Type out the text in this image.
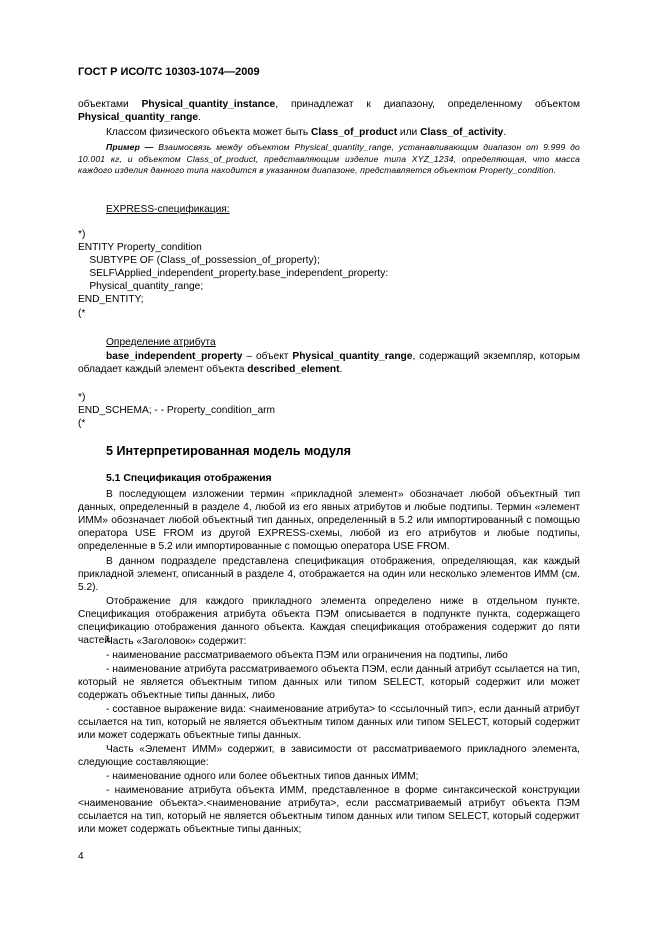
ГОСТ Р ИСО/ТС 10303-1074—2009

объектами Physical_quantity_instance, принадлежат к диапазону, определенному объектом Physical_quantity_range.

Классом физического объекта может быть Class_of_product или Class_of_activity.

Пример — Взаимосвязь между объектом Physical_quantity_range, устанавливающим диапазон от 9.999 до 10.001 кг, и объектом Class_of_product, представляющим изделие типа XYZ_1234, определяющая, что масса каждого изделия данного типа находится в указанном диапазоне, представляется объектом Property_condition.

EXPRESS-спецификация:

*)
ENTITY Property_condition
SUBTYPE OF (Class_of_possession_of_property);
SELF\Applied_independent_property.base_independent_property:
Physical_quantity_range;
END_ENTITY;
(*

Определение атрибута

base_independent_property – объект Physical_quantity_range, содержащий экземпляр, которым обладает каждый элемент объекта described_element.

*)
END_SCHEMA; - - Property_condition_arm
(*
5 Интерпретированная модель модуля
5.1 Спецификация отображения

В последующем изложении термин «прикладной элемент» обозначает любой объектный тип данных, определенный в разделе 4, любой из его явных атрибутов и любые подтипы. Термин «элемент ИММ» обозначает любой объектный тип данных, определенный в 5.2 или импортированный с помощью оператора USE FROM из другой EXPRESS-схемы, любой из его атрибутов и любые подтипы, определенные в 5.2 или импортированные с помощью оператора USE FROM.

В данном подразделе представлена спецификация отображения, определяющая, как каждый прикладной элемент, описанный в разделе 4, отображается на один или несколько элементов ИММ (см. 5.2).

Отображение для каждого прикладного элемента определено ниже в отдельном пункте. Спецификация отображения атрибута объекта ПЭМ описывается в подпункте пункта, содержащего спецификацию отображения данного объекта. Каждая спецификация отображения содержит до пяти частей.

Часть «Заголовок» содержит:

- наименование рассматриваемого объекта ПЭМ или ограничения на подтипы, либо

- наименование атрибута рассматриваемого объекта ПЭМ, если данный атрибут ссылается на тип, который не является объектным типом данных или типом SELECT, который содержит или может содержать объектные типы данных, либо

- составное выражение вида: <наименование атрибута> to <ссылочный тип>, если данный атрибут ссылается на тип, который не является объектным типом данных или типом SELECT, который содержит или может содержать объектные типы данных.

Часть «Элемент ИММ» содержит, в зависимости от рассматриваемого прикладного элемента, следующие составляющие:

- наименование одного или более объектных типов данных ИММ;

- наименование атрибута объекта ИММ, представленное в форме синтаксической конструкции <наименование объекта>.<наименование атрибута>, если рассматриваемый атрибут объекта ПЭМ ссылается на тип, который не является объектным типом данных или типом SELECT, который содержит или может содержать объектные типы данных;

4
